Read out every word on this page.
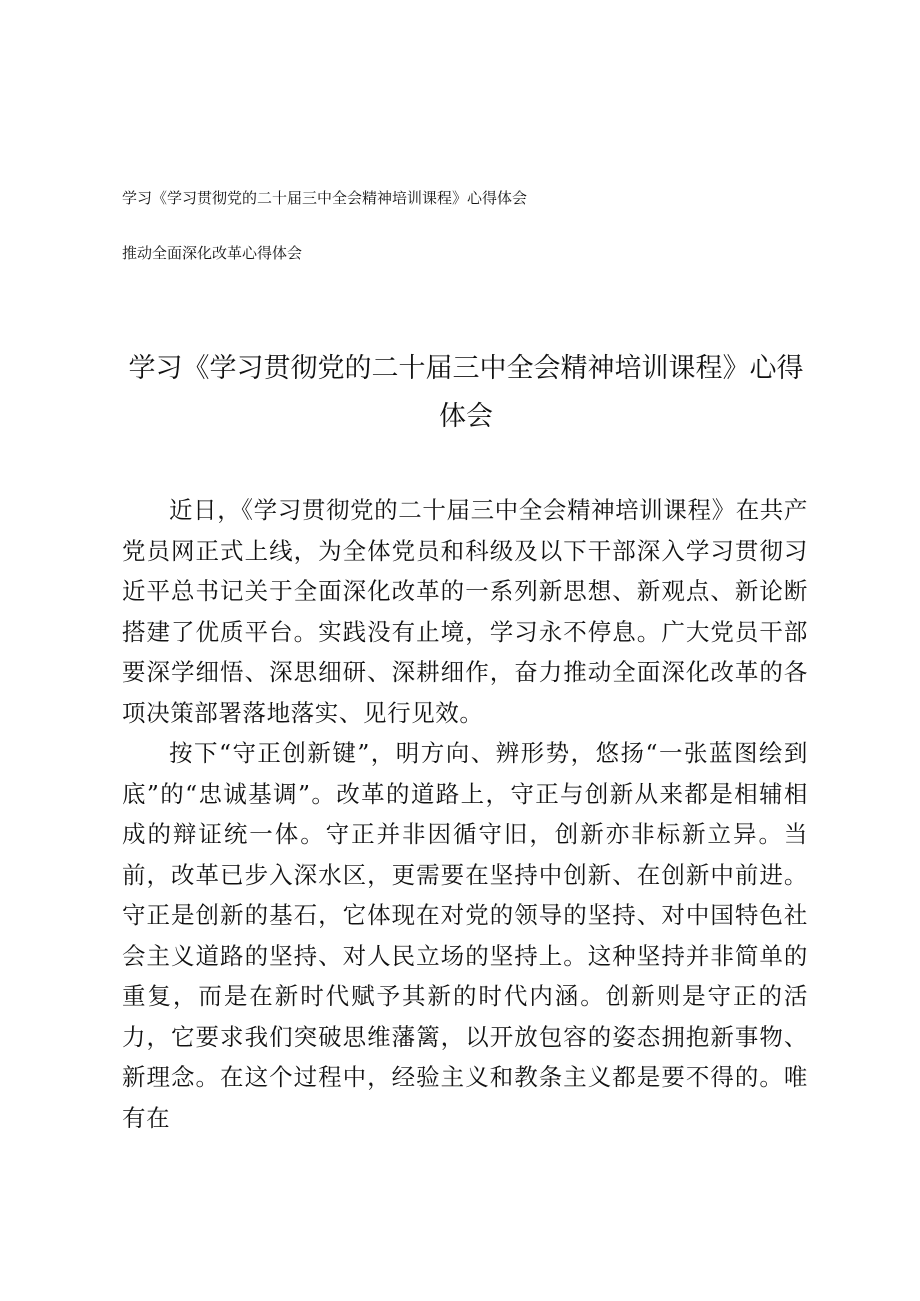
学习《学习贯彻党的二十届三中全会精神培训课程》心得体会
推动全面深化改革心得体会
学习《学习贯彻党的二十届三中全会精神培训课程》心得体会

近日，《学习贯彻党的二十届三中全会精神培训课程》在共产党员网正式上线，为全体党员和科级及以下干部深入学习贯彻习近平总书记关于全面深化改革的一系列新思想、新观点、新论断搭建了优质平台。实践没有止境，学习永不停息。广大党员干部要深学细悟、深思细研、深耕细作，奋力推动全面深化改革的各项决策部署落地落实、见行见效。

按下“守正创新键”，明方向、辨形势，悠扬“一张蓝图绘到底”的“忠诚基调”。改革的道路上，守正与创新从来都是相辅相成的辩证统一体。守正并非因循守旧，创新亦非标新立异。当前，改革已步入深水区，更需要在坚持中创新、在创新中前进。守正是创新的基石，它体现在对党的领导的坚持、对中国特色社会主义道路的坚持、对人民立场的坚持上。这种坚持并非简单的重复，而是在新时代赋予其新的时代内涵。创新则是守正的活力，它要求我们突破思维藩篱，以开放包容的姿态拥抱新事物、新理念。在这个过程中，经验主义和教条主义都是要不得的。唯有在
